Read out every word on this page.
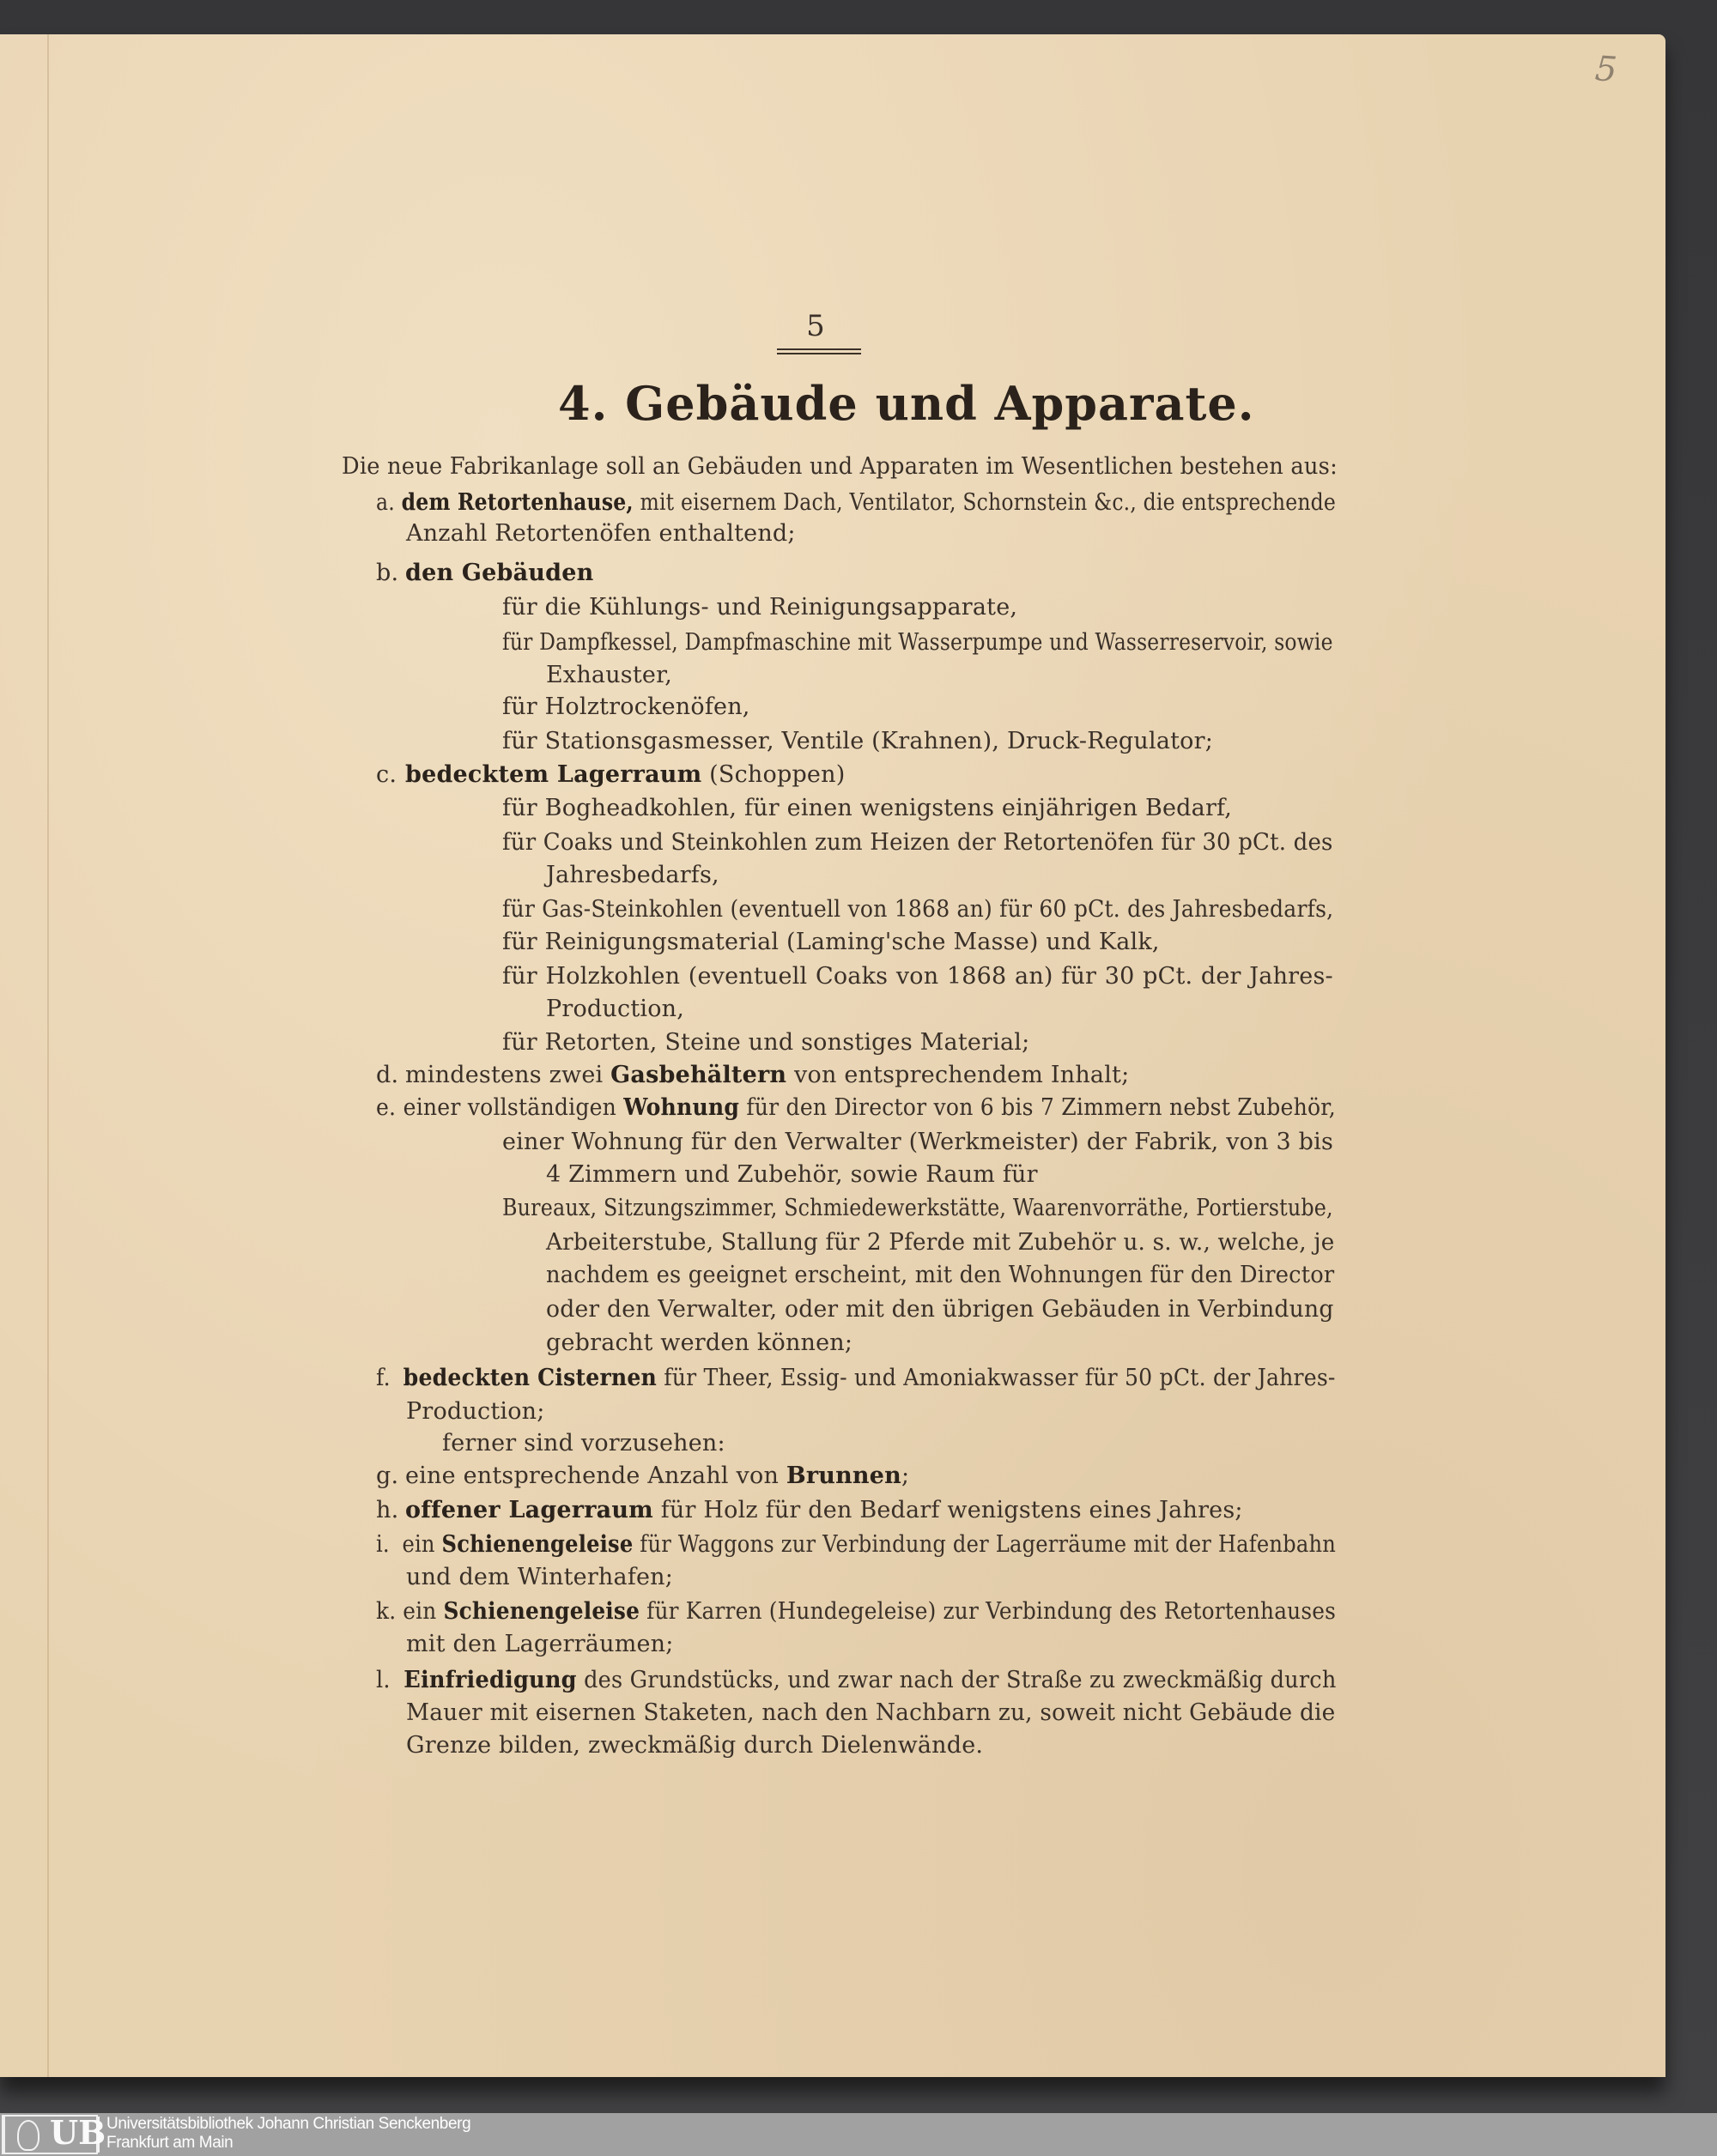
5
5
4. Gebäude und Apparate.
Die neue Fabrikanlage soll an Gebäuden und Apparaten im Wesentlichen bestehen aus:
a. dem Retortenhause, mit eisernem Dach, Ventilator, Schornstein &c., die entsprechende
Anzahl Retortenöfen enthaltend;
b. den Gebäuden
für die Kühlungs- und Reinigungsapparate,
für Dampfkessel, Dampfmaschine mit Wasserpumpe und Wasserreservoir, sowie
Exhauster,
für Holztrockenöfen,
für Stationsgasmesser, Ventile (Krahnen), Druck-Regulator;
c. bedecktem Lagerraum (Schoppen)
für Bogheadkohlen, für einen wenigstens einjährigen Bedarf,
für Coaks und Steinkohlen zum Heizen der Retortenöfen für 30 pCt. des
Jahresbedarfs,
für Gas-Steinkohlen (eventuell von 1868 an) für 60 pCt. des Jahresbedarfs,
für Reinigungsmaterial (Laming'sche Masse) und Kalk,
für Holzkohlen (eventuell Coaks von 1868 an) für 30 pCt. der Jahres-
Production,
für Retorten, Steine und sonstiges Material;
d. mindestens zwei Gasbehältern von entsprechendem Inhalt;
e. einer vollständigen Wohnung für den Director von 6 bis 7 Zimmern nebst Zubehör,
einer Wohnung für den Verwalter (Werkmeister) der Fabrik, von 3 bis
4 Zimmern und Zubehör, sowie Raum für
Bureaux, Sitzungszimmer, Schmiedewerkstätte, Waarenvorräthe, Portierstube,
Arbeiterstube, Stallung für 2 Pferde mit Zubehör u. s. w., welche, je
nachdem es geeignet erscheint, mit den Wohnungen für den Director
oder den Verwalter, oder mit den übrigen Gebäuden in Verbindung
gebracht werden können;
f. bedeckten Cisternen für Theer, Essig- und Amoniakwasser für 50 pCt. der Jahres-
Production;
ferner sind vorzusehen:
g. eine entsprechende Anzahl von Brunnen;
h. offener Lagerraum für Holz für den Bedarf wenigstens eines Jahres;
i. ein Schienengeleise für Waggons zur Verbindung der Lagerräume mit der Hafenbahn
und dem Winterhafen;
k. ein Schienengeleise für Karren (Hundegeleise) zur Verbindung des Retortenhauses
mit den Lagerräumen;
l. Einfriedigung des Grundstücks, und zwar nach der Straße zu zweckmäßig durch
Mauer mit eisernen Staketen, nach den Nachbarn zu, soweit nicht Gebäude die
Grenze bilden, zweckmäßig durch Dielenwände.
UB Universitätsbibliothek Johann Christian Senckenberg
Frankfurt am Main
